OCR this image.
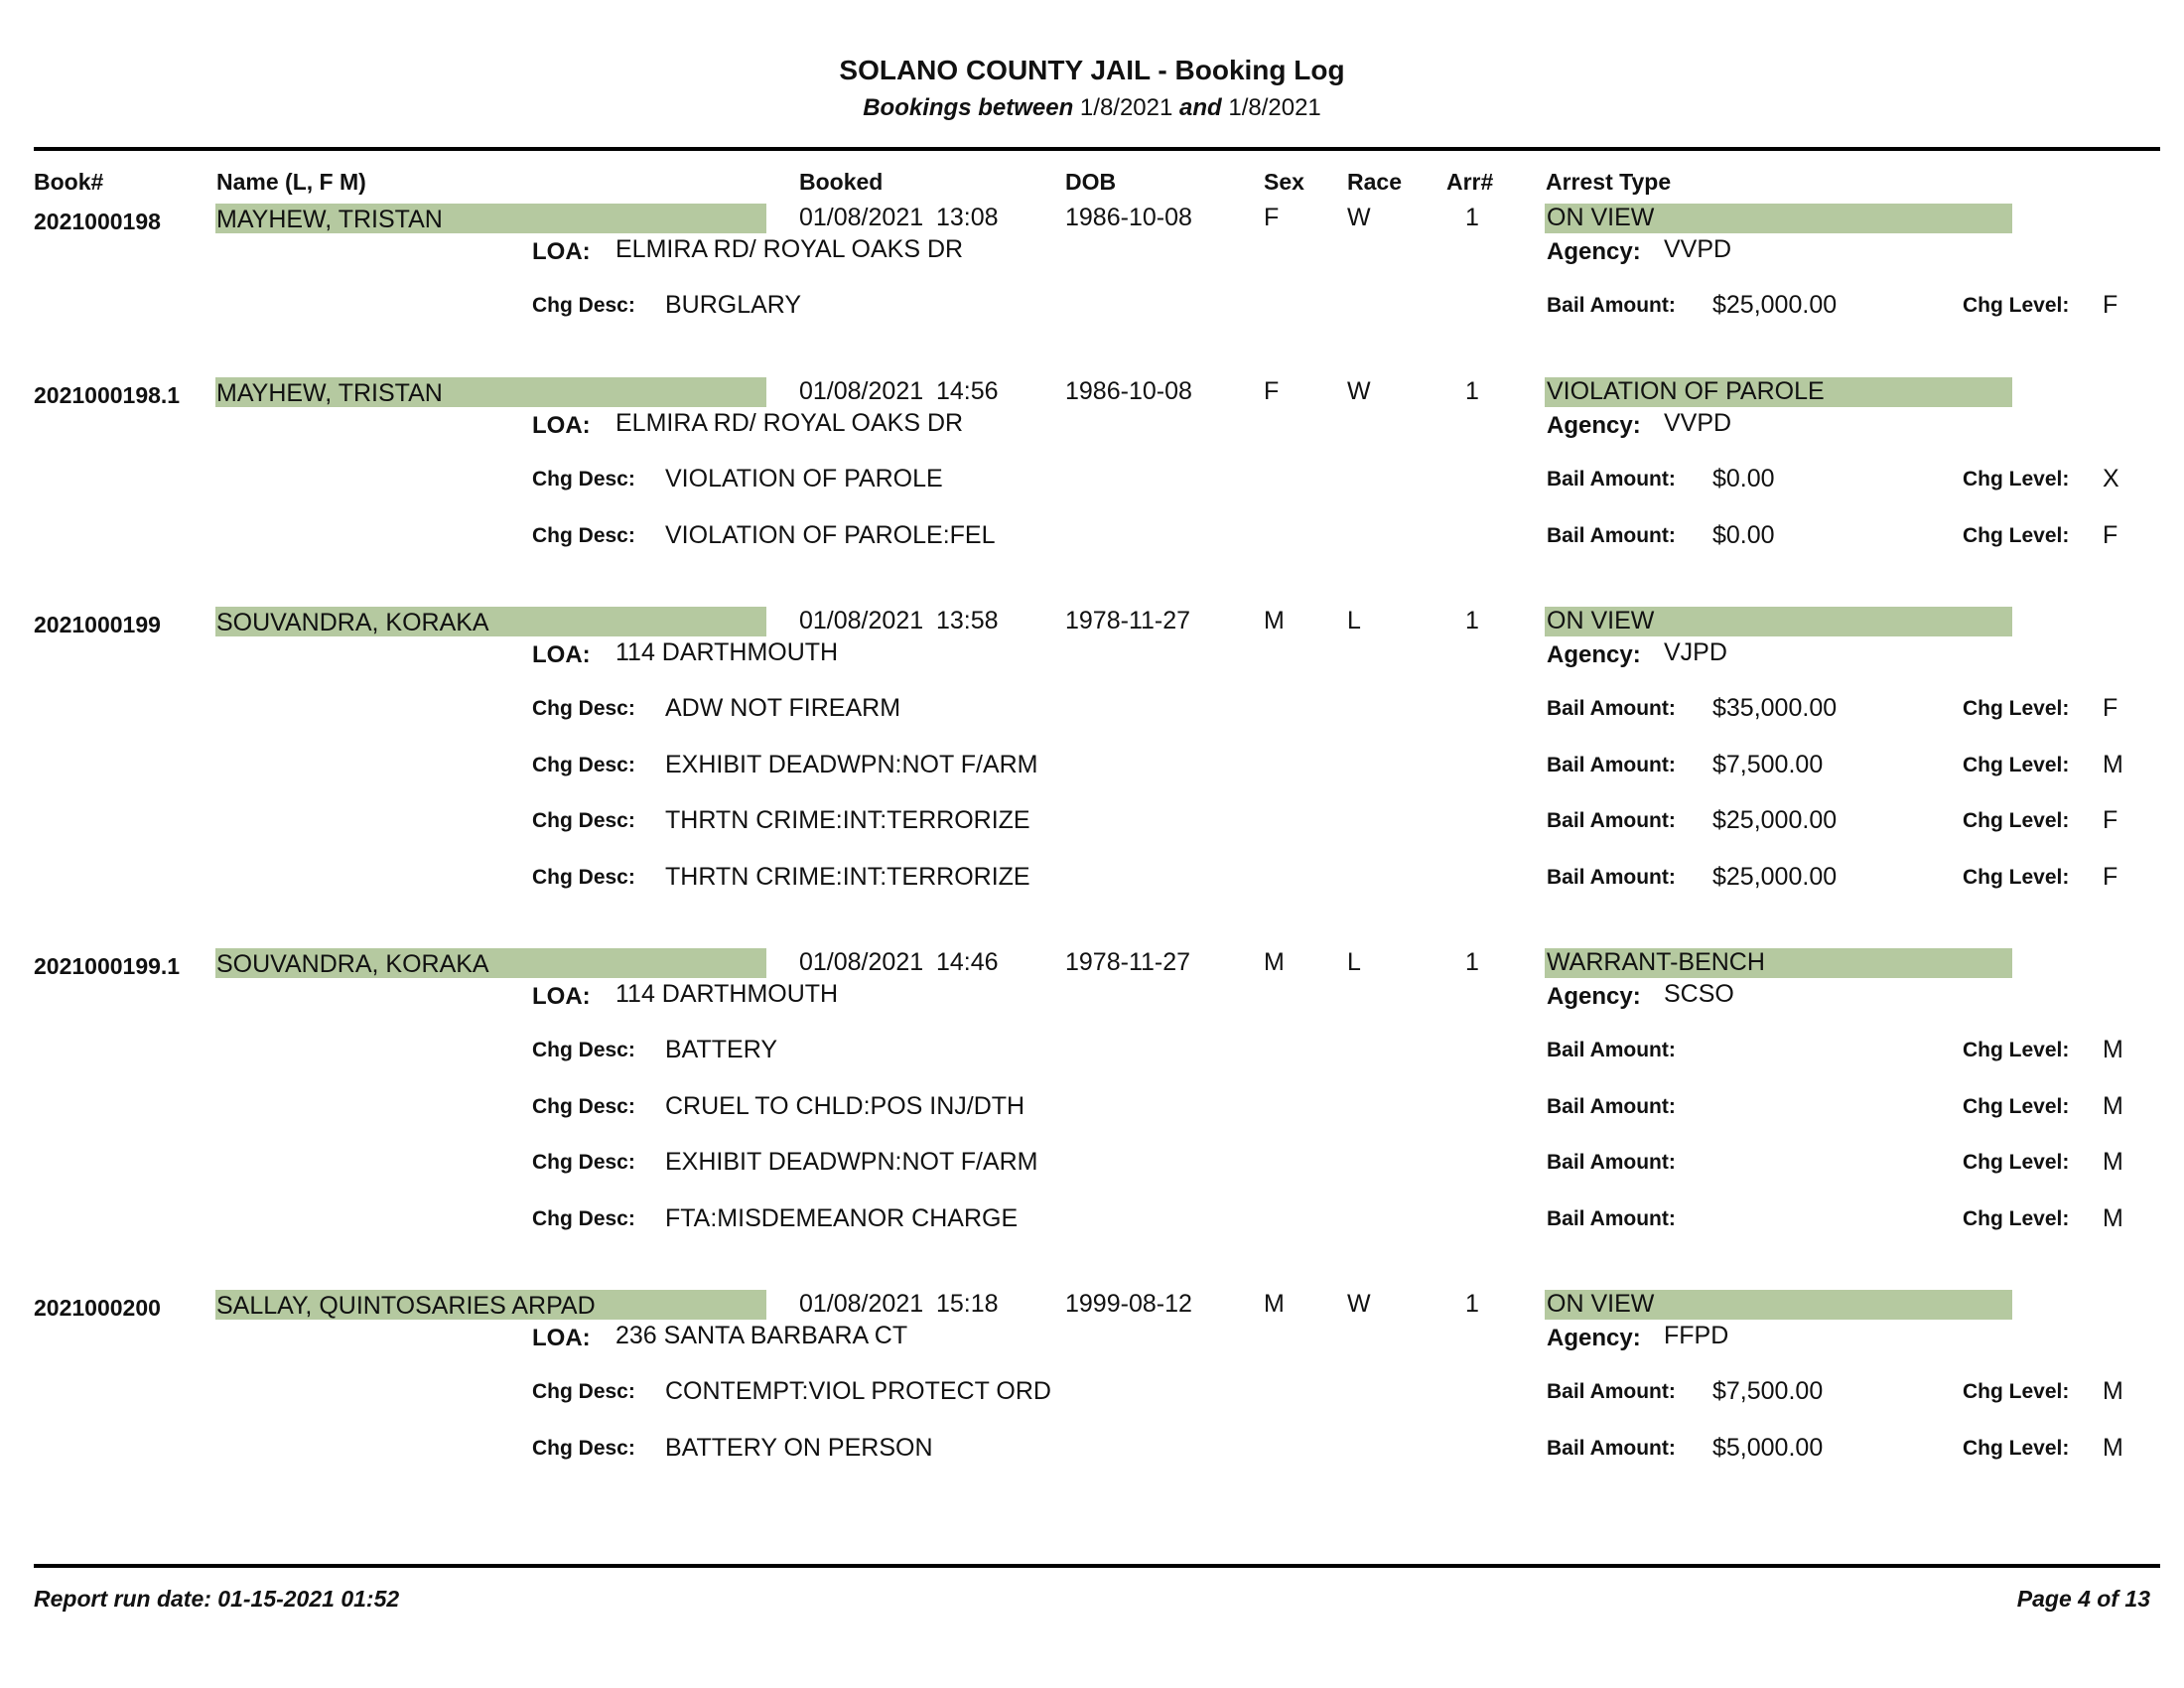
SOLANO COUNTY JAIL - Booking Log
Bookings between 1/8/2021 and 1/8/2021
Book#	Name (L, F M)	Booked	DOB	Sex Race Arr# Arrest Type
2021000198 MAYHEW, TRISTAN	01/08/2021 13:08	1986-10-08	F	W	1	ON VIEW
LOA: ELMIRA RD/ ROYAL OAKS DR	Agency: VVPD
Chg Desc: BURGLARY	Bail Amount: $25,000.00	Chg Level: F
2021000198.1 MAYHEW, TRISTAN	01/08/2021 14:56	1986-10-08	F	W	1	VIOLATION OF PAROLE
LOA: ELMIRA RD/ ROYAL OAKS DR	Agency: VVPD
Chg Desc: VIOLATION OF PAROLE	Bail Amount: $0.00	Chg Level: X
Chg Desc: VIOLATION OF PAROLE:FEL	Bail Amount: $0.00	Chg Level: F
2021000199 SOUVANDRA, KORAKA	01/08/2021 13:58	1978-11-27	M	L	1	ON VIEW
LOA: 114 DARTHMOUTH	Agency: VJPD
Chg Desc: ADW NOT FIREARM	Bail Amount: $35,000.00	Chg Level: F
Chg Desc: EXHIBIT DEADWPN:NOT F/ARM	Bail Amount: $7,500.00	Chg Level: M
Chg Desc: THRTN CRIME:INT:TERRORIZE	Bail Amount: $25,000.00	Chg Level: F
Chg Desc: THRTN CRIME:INT:TERRORIZE	Bail Amount: $25,000.00	Chg Level: F
2021000199.1 SOUVANDRA, KORAKA	01/08/2021 14:46	1978-11-27	M	L	1	WARRANT-BENCH
LOA: 114 DARTHMOUTH	Agency: SCSO
Chg Desc: BATTERY	Bail Amount:	Chg Level: M
Chg Desc: CRUEL TO CHLD:POS INJ/DTH	Bail Amount:	Chg Level: M
Chg Desc: EXHIBIT DEADWPN:NOT F/ARM	Bail Amount:	Chg Level: M
Chg Desc: FTA:MISDEMEANOR CHARGE	Bail Amount:	Chg Level: M
2021000200 SALLAY, QUINTOSARIES ARPAD	01/08/2021 15:18	1999-08-12	M	W	1	ON VIEW
LOA: 236 SANTA BARBARA CT	Agency: FFPD
Chg Desc: CONTEMPT:VIOL PROTECT ORD	Bail Amount: $7,500.00	Chg Level: M
Chg Desc: BATTERY ON PERSON	Bail Amount: $5,000.00	Chg Level: M
Report run date: 01-15-2021 01:52	Page 4 of 13
